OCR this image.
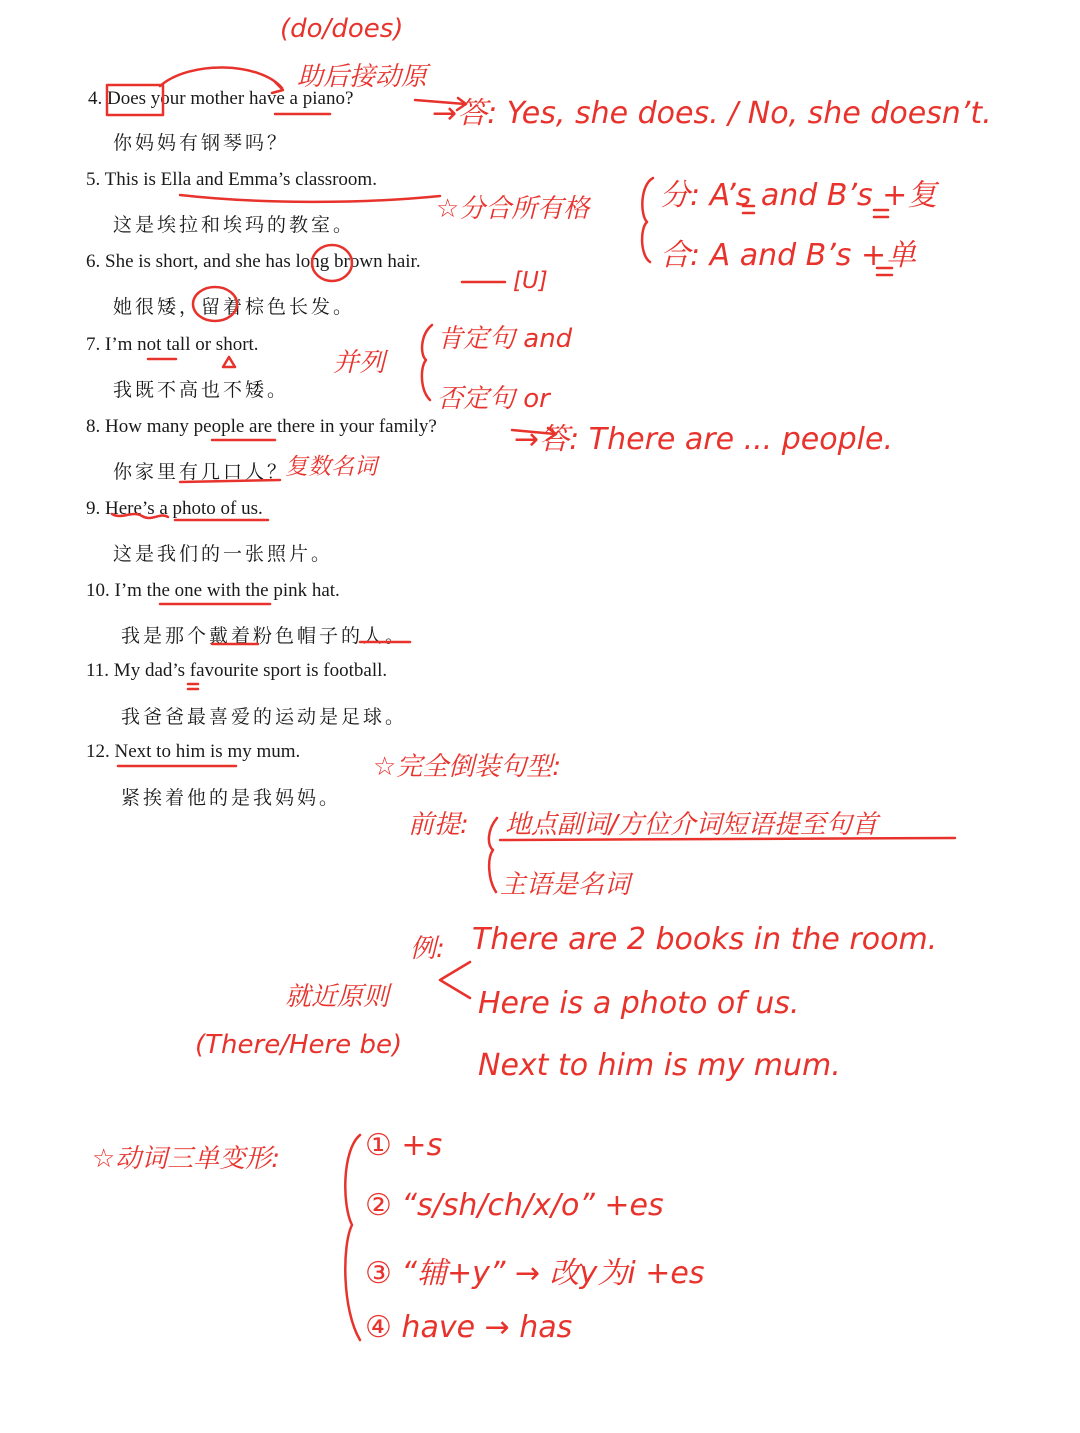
4. Does your mother have a piano?
你妈妈有钢琴吗？
5. This is Ella and Emma’s classroom.
这是埃拉和埃玛的教室。
6. She is short, and she has long brown hair.
她很矮，留着棕色长发。
7. I’m not tall or short.
我既不高也不矮。
8. How many people are there in your family?
你家里有几口人？
9. Here’s a photo of us.
这是我们的一张照片。
10. I’m the one with the pink hat.
我是那个戴着粉色帽子的人。
11. My dad’s favourite sport is football.
我爸爸最喜爱的运动是足球。
12. Next to him is my mum.
紧挨着他的是我妈妈。
(do/does)
助后接动原
→答: Yes, she does. / No, she doesn’t.
☆分合所有格 分: A’s and B’s +复
合: A and B’s +单
[U]
并列
肯定句 and
否定句 or
→答: There are ... people.
复数名词
☆完全倒装句型:
前提: 地点副词/方位介词短语提至句首
主语是名词
例: There are 2 books in the room.
Here is a photo of us.
Next to him is my mum.
就近原则
(There/Here be)
☆动词三单变形:	① +s
② “s/sh/ch/x/o” +es
③ “辅+y” → 改y为i +es
④ have → has
